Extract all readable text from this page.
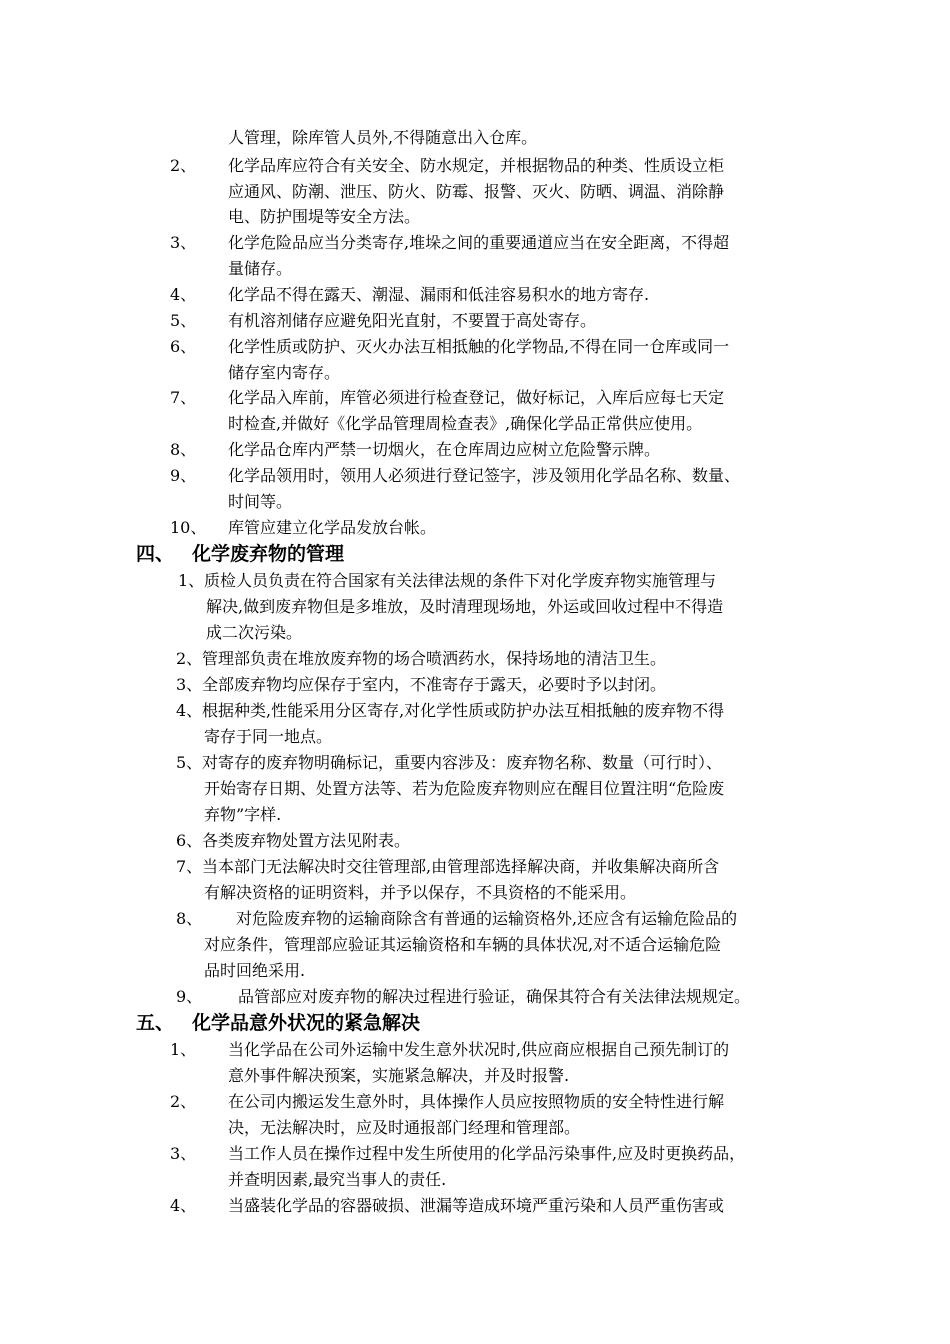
人管理，除库管人员外,不得随意出入仓库。
2、 化学品库应符合有关安全、防水规定，并根据物品的种类、性质设立柜
应通风、防潮、泄压、防火、防霉、报警、灭火、防晒、调温、消除静
电、防护围堤等安全方法。
3、 化学危险品应当分类寄存,堆垛之间的重要通道应当在安全距离，不得超
量储存。
4、 化学品不得在露天、潮湿、漏雨和低洼容易积水的地方寄存.
5、 有机溶剂储存应避免阳光直射，不要置于高处寄存。
6、 化学性质或防护、灭火办法互相抵触的化学物品,不得在同一仓库或同一
储存室内寄存。
7、 化学品入库前，库管必须进行检查登记，做好标记，入库后应每七天定
时检查,并做好《化学品管理周检查表》,确保化学品正常供应使用。
8、 化学品仓库内严禁一切烟火，在仓库周边应树立危险警示牌。
9、 化学品领用时，领用人必须进行登记签字，涉及领用化学品名称、数量、
时间等。
10、 库管应建立化学品发放台帐。
四、 化学废弃物的管理
1、 质检人员负责在符合国家有关法律法规的条件下对化学废弃物实施管理与
解决,做到废弃物但是多堆放，及时清理现场地，外运或回收过程中不得造
成二次污染。
2、 管理部负责在堆放废弃物的场合喷洒药水，保持场地的清洁卫生。
3、 全部废弃物均应保存于室内，不准寄存于露天，必要时予以封闭。
4、 根据种类,性能采用分区寄存,对化学性质或防护办法互相抵触的废弃物不得
寄存于同一地点。
5、 对寄存的废弃物明确标记，重要内容涉及：废弃物名称、数量（可行时）、
开始寄存日期、处置方法等、若为危险废弃物则应在醒目位置注明“危险废
弃物”字样.
6、 各类废弃物处置方法见附表。
7、 当本部门无法解决时交往管理部,由管理部选择解决商，并收集解决商所含
有解决资格的证明资料，并予以保存，不具资格的不能采用。
8、 对危险废弃物的运输商除含有普通的运输资格外,还应含有运输危险品的
对应条件，管理部应验证其运输资格和车辆的具体状况,对不适合运输危险
品时回绝采用.
9、 品管部应对废弃物的解决过程进行验证，确保其符合有关法律法规规定。
五、 化学品意外状况的紧急解决
1、 当化学品在公司外运输中发生意外状况时,供应商应根据自己预先制订的
意外事件解决预案，实施紧急解决，并及时报警.
2、 在公司内搬运发生意外时，具体操作人员应按照物质的安全特性进行解
决，无法解决时，应及时通报部门经理和管理部。
3、 当工作人员在操作过程中发生所使用的化学品污染事件,应及时更换药品，
并查明因素,最究当事人的责任.
4、 当盛装化学品的容器破损、泄漏等造成环境严重污染和人员严重伤害或
